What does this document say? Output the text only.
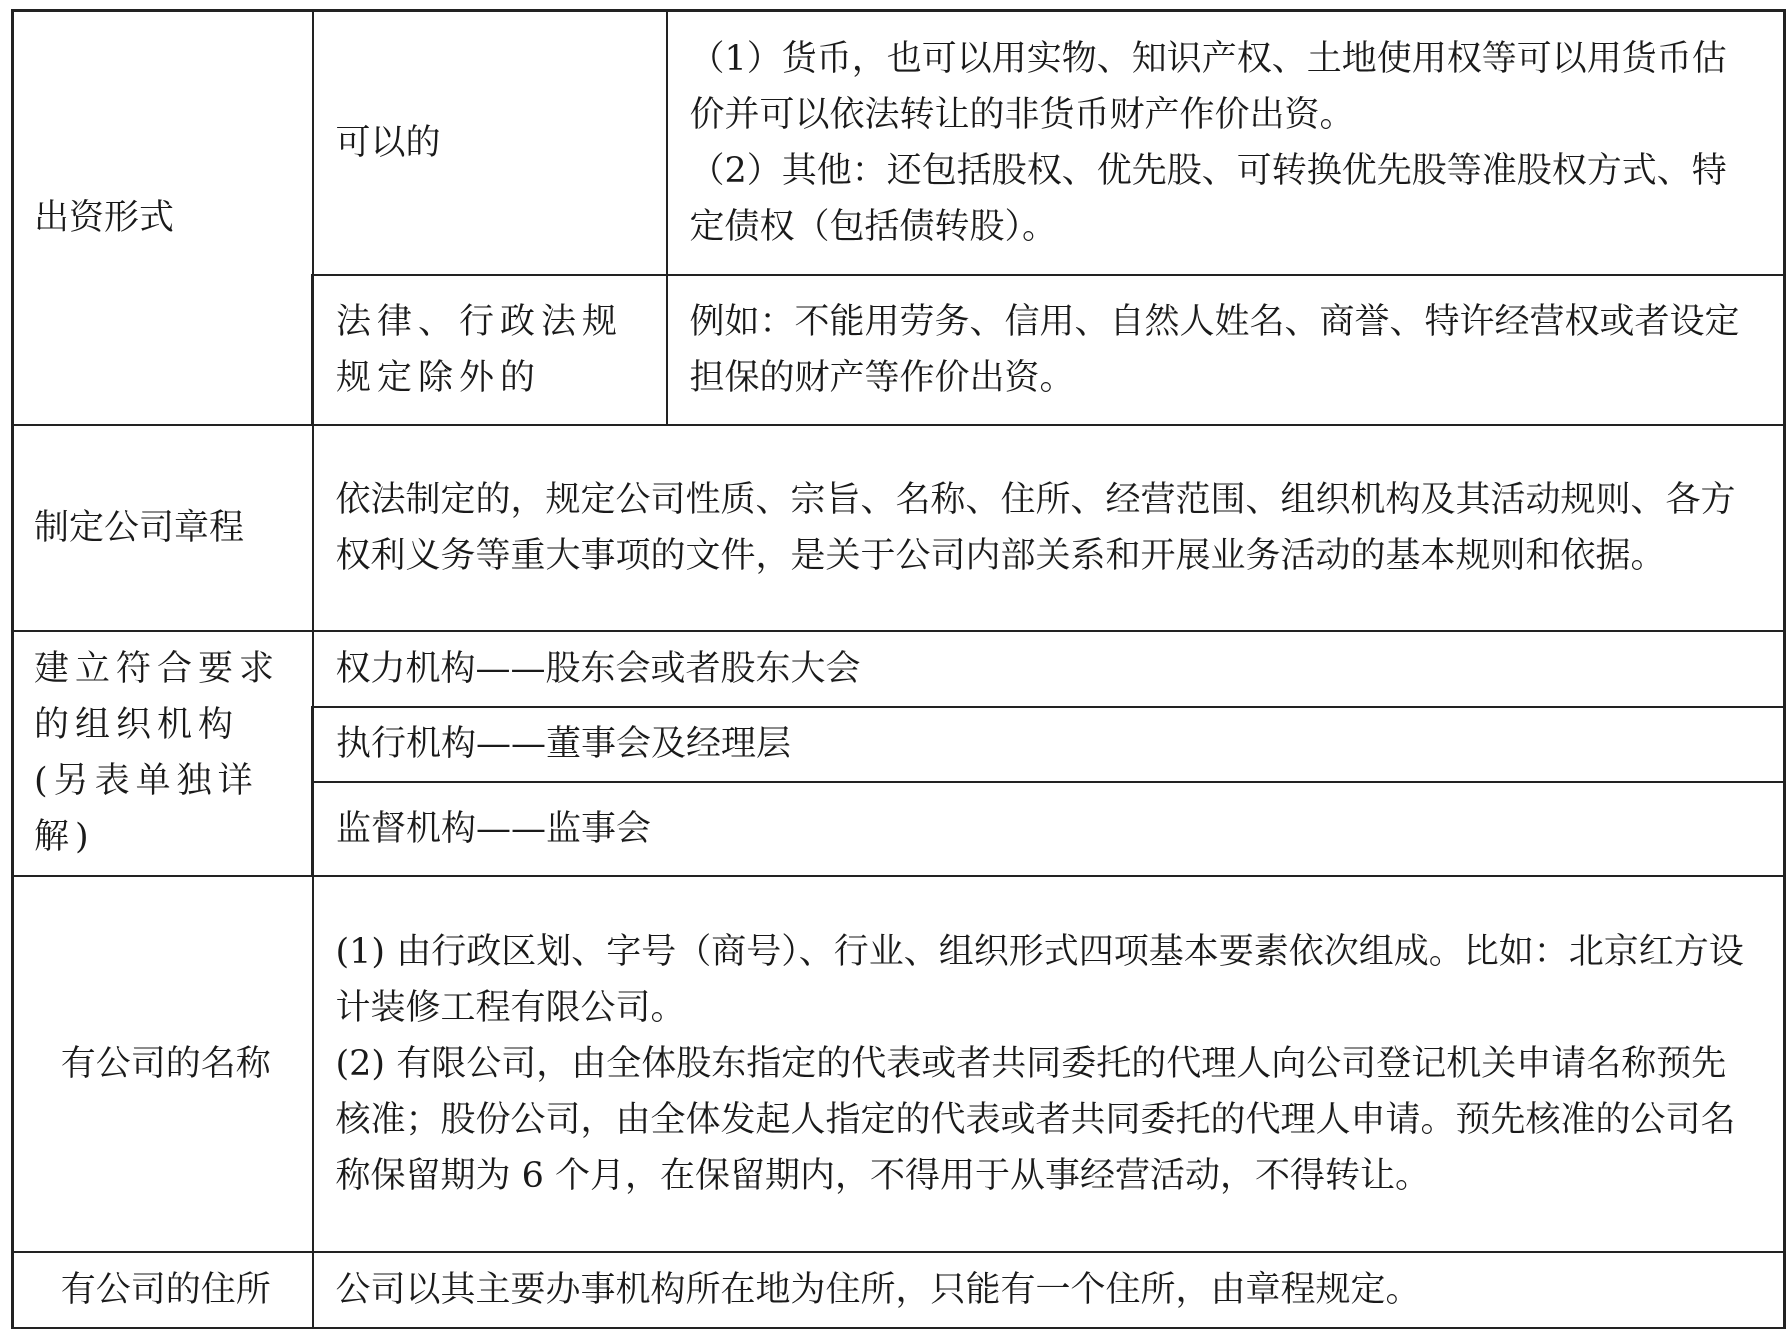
出资形式	可以的	（1）货币，也可以用实物、知识产权、土地使用权等可以用货币估价并可以依法转让的非货币财产作价出资。
（2）其他：还包括股权、优先股、可转换优先股等准股权方式、特定债权（包括债转股）。

	法律、行政法规规定除外的	例如：不能用劳务、信用、自然人姓名、商誉、特许经营权或者设定担保的财产等作价出资。
制定公司章程	依法制定的，规定公司性质、宗旨、名称、住所、经营范围、组织机构及其活动规则、各方权利义务等重大事项的文件，是关于公司内部关系和开展业务活动的基本规则和依据。	
建立符合要求的组织机构(另表单独详解)	权力机构——股东会或者股东大会	
	执行机构——董事会及经理层	
	监督机构——监事会	
有公司的名称	(1) 由行政区划、字号（商号）、行业、组织形式四项基本要素依次组成。比如：北京红方设计装修工程有限公司。
(2) 有限公司，由全体股东指定的代表或者共同委托的代理人向公司登记机关申请名称预先核准；股份公司，由全体发起人指定的代表或者共同委托的代理人申请。预先核准的公司名称保留期为 6 个月，在保留期内，不得用于从事经营活动，不得转让。	

有公司的住所	公司以其主要办事机构所在地为住所，只能有一个住所，由章程规定。	
